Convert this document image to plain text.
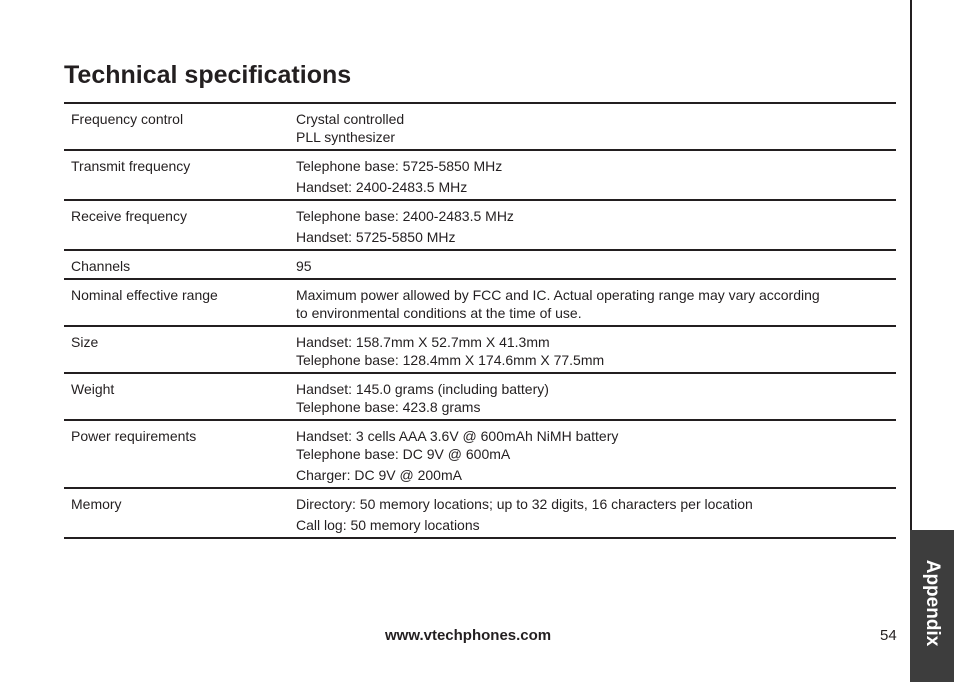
Appendix
Technical specifications
Frequency control	Crystal controlled
PLL synthesizer
Transmit frequency	Telephone base: 5725-5850 MHz
Handset: 2400-2483.5 MHz
Receive frequency	Telephone base: 2400-2483.5 MHz
Handset: 5725-5850 MHz
Channels	95
Nominal effective range	Maximum power allowed by FCC and IC. Actual operating range may vary according
to environmental conditions at the time of use.
Size	Handset: 158.7mm X 52.7mm X 41.3mm
Telephone base: 128.4mm X 174.6mm X 77.5mm
Weight	Handset: 145.0 grams (including battery)
Telephone base: 423.8 grams
Power requirements	Handset: 3 cells AAA 3.6V @ 600mAh NiMH battery
Telephone base: DC 9V @ 600mA
Charger: DC 9V @ 200mA
Memory	Directory: 50 memory locations; up to 32 digits, 16 characters per location
Call log: 50 memory locations
www.vtechphones.com	54
